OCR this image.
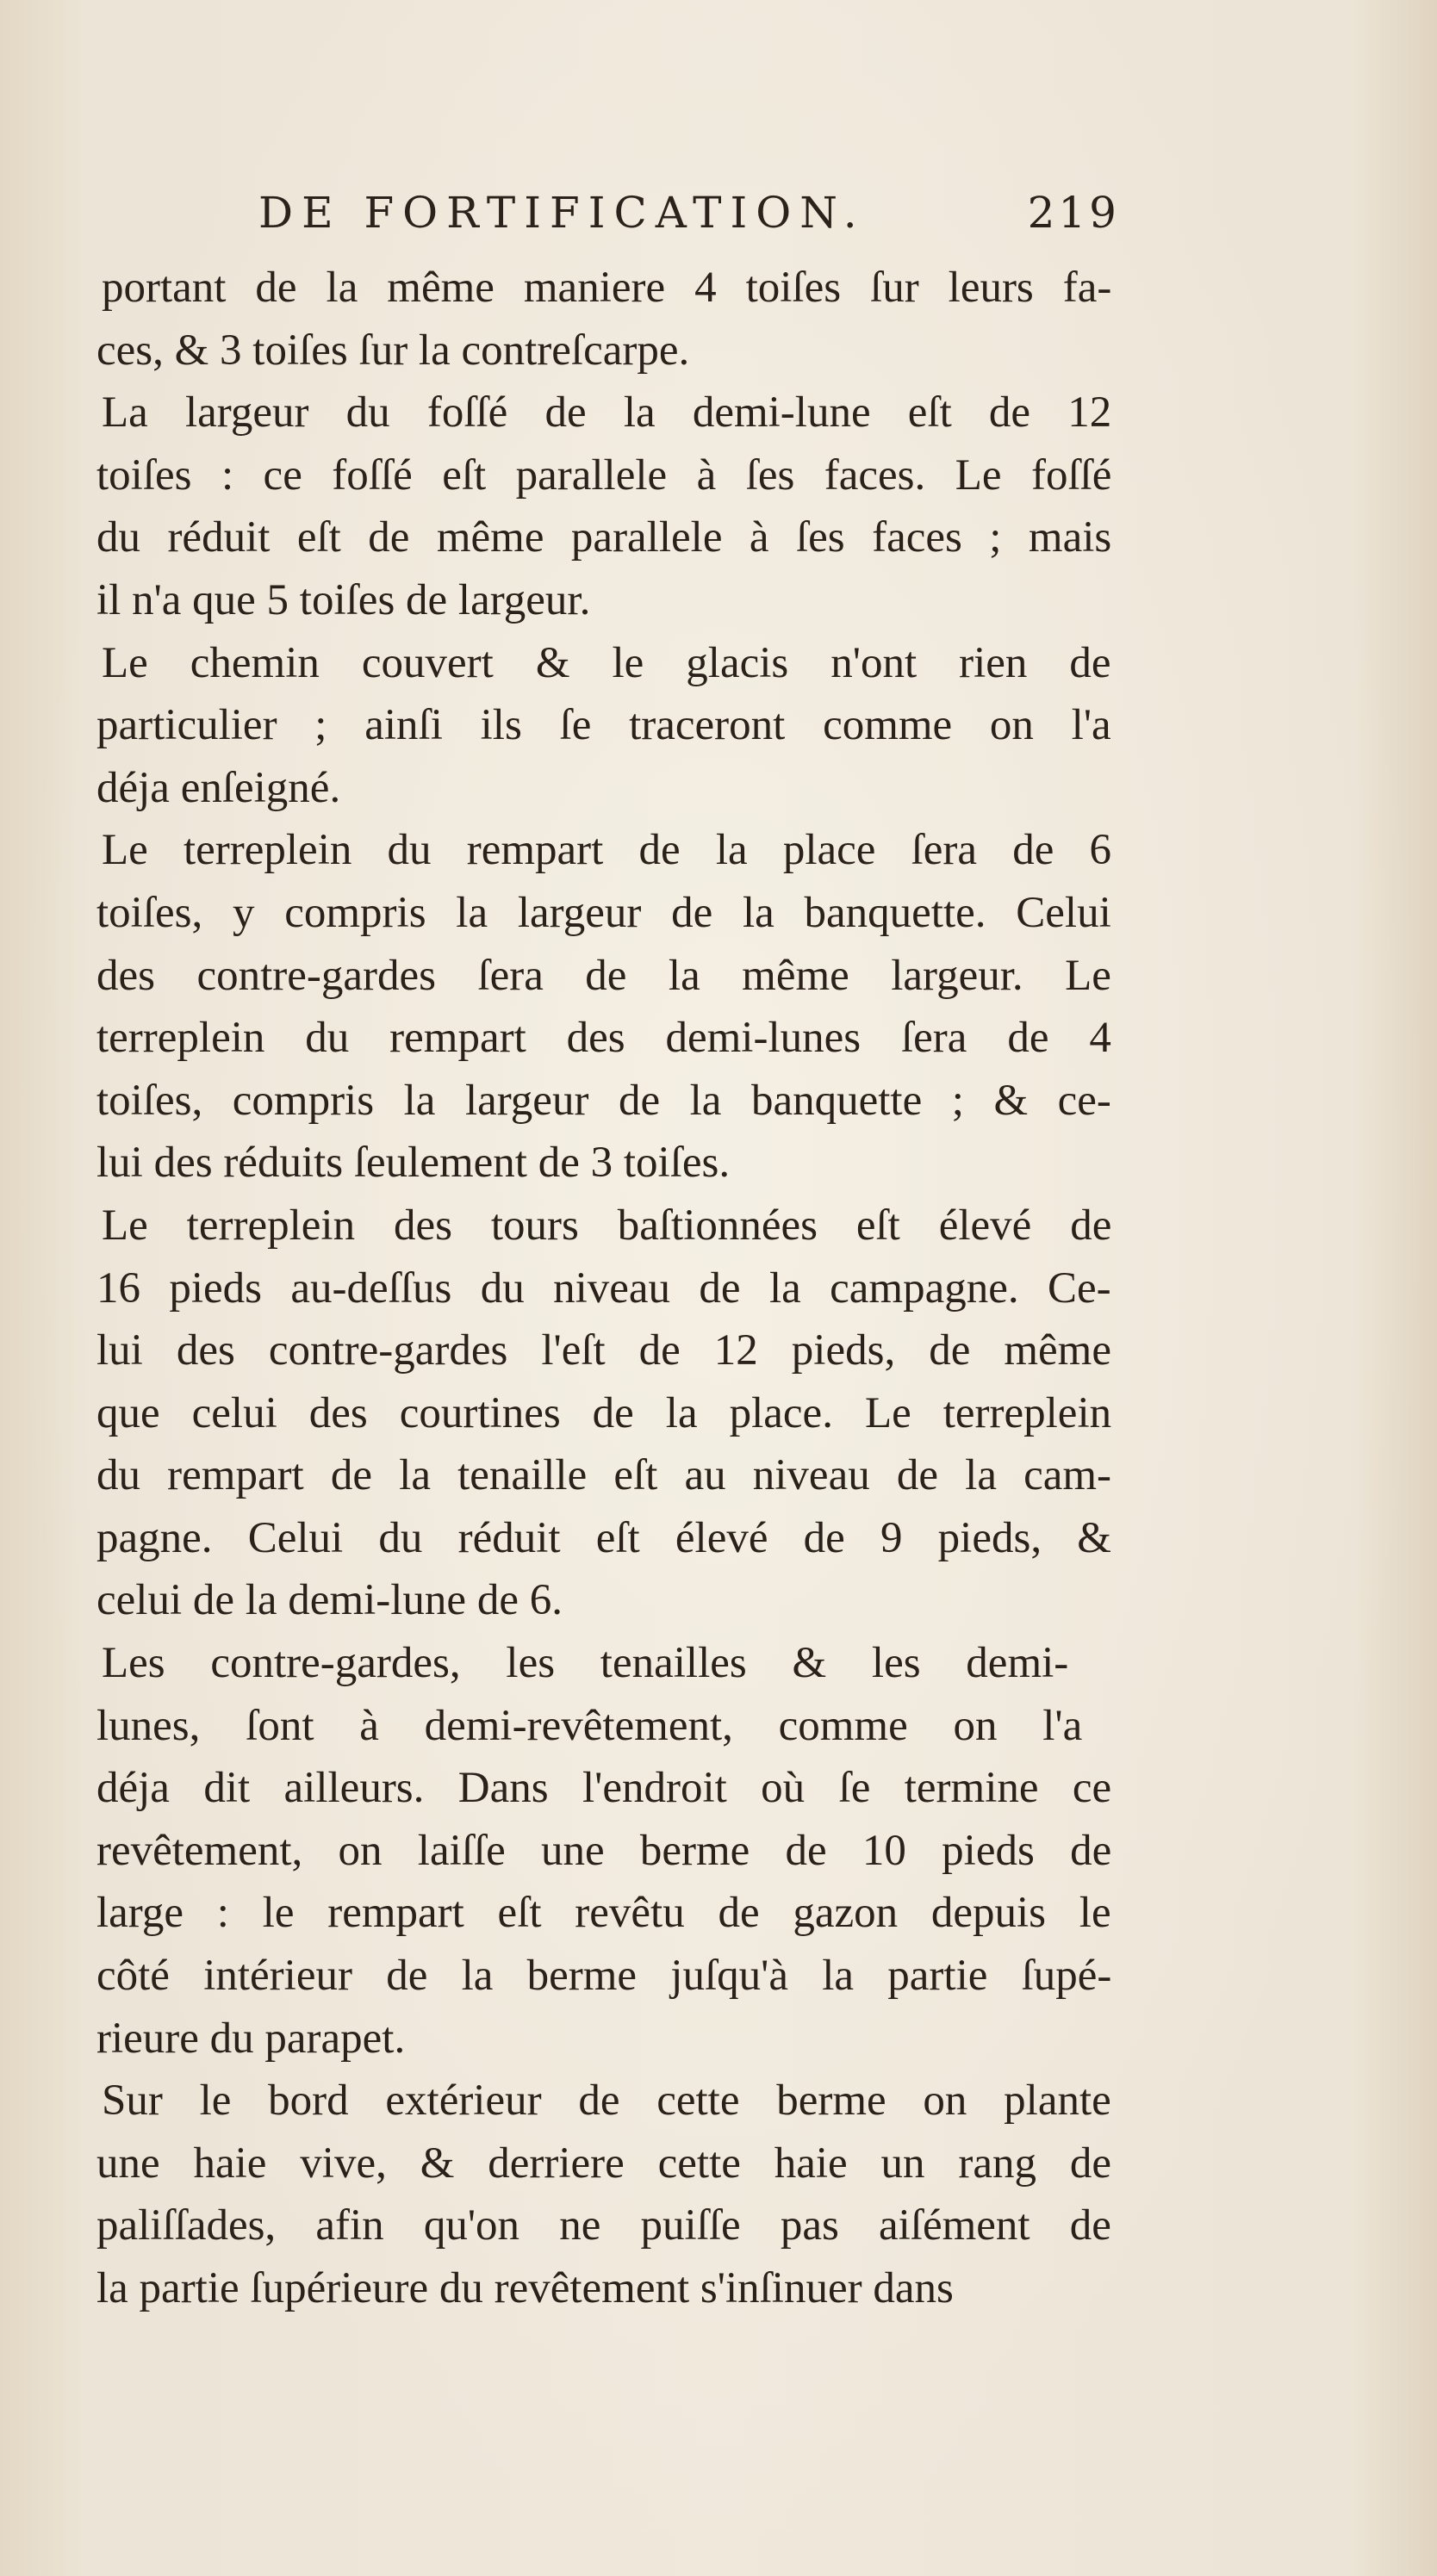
DE FORTIFICATION.	219
portant de la même maniere 4 toiſes ſur leurs fa-
ces, & 3 toiſes ſur la contreſcarpe.
La largeur du foſſé de la demi-lune eſt de 12
toiſes : ce foſſé eſt parallele à ſes faces. Le foſſé
du réduit eſt de même parallele à ſes faces ; mais
il n'a que 5 toiſes de largeur.
Le chemin couvert & le glacis n'ont rien de
particulier ; ainſi ils ſe traceront comme on l'a
déja enſeigné.
Le terreplein du rempart de la place ſera de 6
toiſes, y compris la largeur de la banquette. Celui
des contre-gardes ſera de la même largeur. Le
terreplein du rempart des demi-lunes ſera de 4
toiſes, compris la largeur de la banquette ; & ce-
lui des réduits ſeulement de 3 toiſes.
Le terreplein des tours baſtionnées eſt élevé de
16 pieds au-deſſus du niveau de la campagne. Ce-
lui des contre-gardes l'eſt de 12 pieds, de même
que celui des courtines de la place. Le terreplein
du rempart de la tenaille eſt au niveau de la cam-
pagne. Celui du réduit eſt élevé de 9 pieds, &
celui de la demi-lune de 6.
Les contre-gardes, les tenailles & les demi-
lunes, ſont à demi-revêtement, comme on l'a
déja dit ailleurs. Dans l'endroit où ſe termine ce
revêtement, on laiſſe une berme de 10 pieds de
large : le rempart eſt revêtu de gazon depuis le
côté intérieur de la berme juſqu'à la partie ſupé-
rieure du parapet.
Sur le bord extérieur de cette berme on plante
une haie vive, & derriere cette haie un rang de
paliſſades, afin qu'on ne puiſſe pas aiſément de
la partie ſupérieure du revêtement s'inſinuer dans
